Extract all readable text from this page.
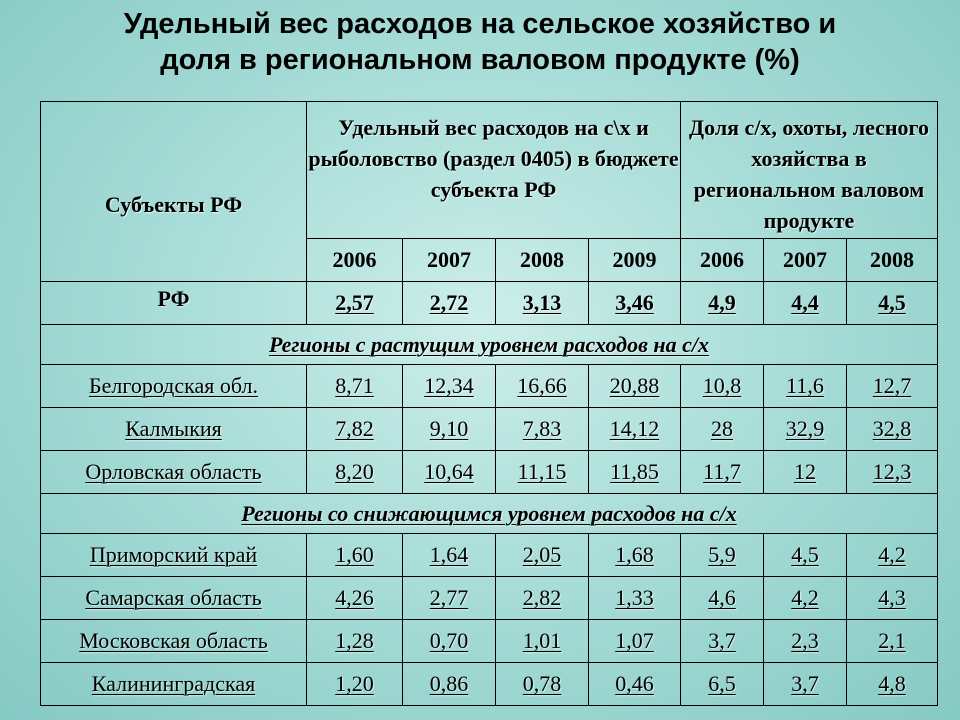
Удельный вес расходов на сельское хозяйство и
доля в региональном валовом продукте (%)
Субъекты РФ	Удельный вес расходов на с\х и рыболовство (раздел 0405) в бюджете субъекта РФ				Доля с/х, охоты, лесного хозяйства в региональном валовом продукте		
	2006	2007	2008	2009	2006	2007	2008
РФ	2,57	2,72	3,13	3,46	4,9	4,4	4,5
Регионы с растущим уровнем расходов на с/х							
Белгородская обл.	8,71	12,34	16,66	20,88	10,8	11,6	12,7
Калмыкия	7,82	9,10	7,83	14,12	28	32,9	32,8
Орловская область	8,20	10,64	11,15	11,85	11,7	12	12,3
Регионы со снижающимся уровнем расходов на с/х							
Приморский край	1,60	1,64	2,05	1,68	5,9	4,5	4,2
Самарская область	4,26	2,77	2,82	1,33	4,6	4,2	4,3
Московская область	1,28	0,70	1,01	1,07	3,7	2,3	2,1
Калининградская	1,20	0,86	0,78	0,46	6,5	3,7	4,8
